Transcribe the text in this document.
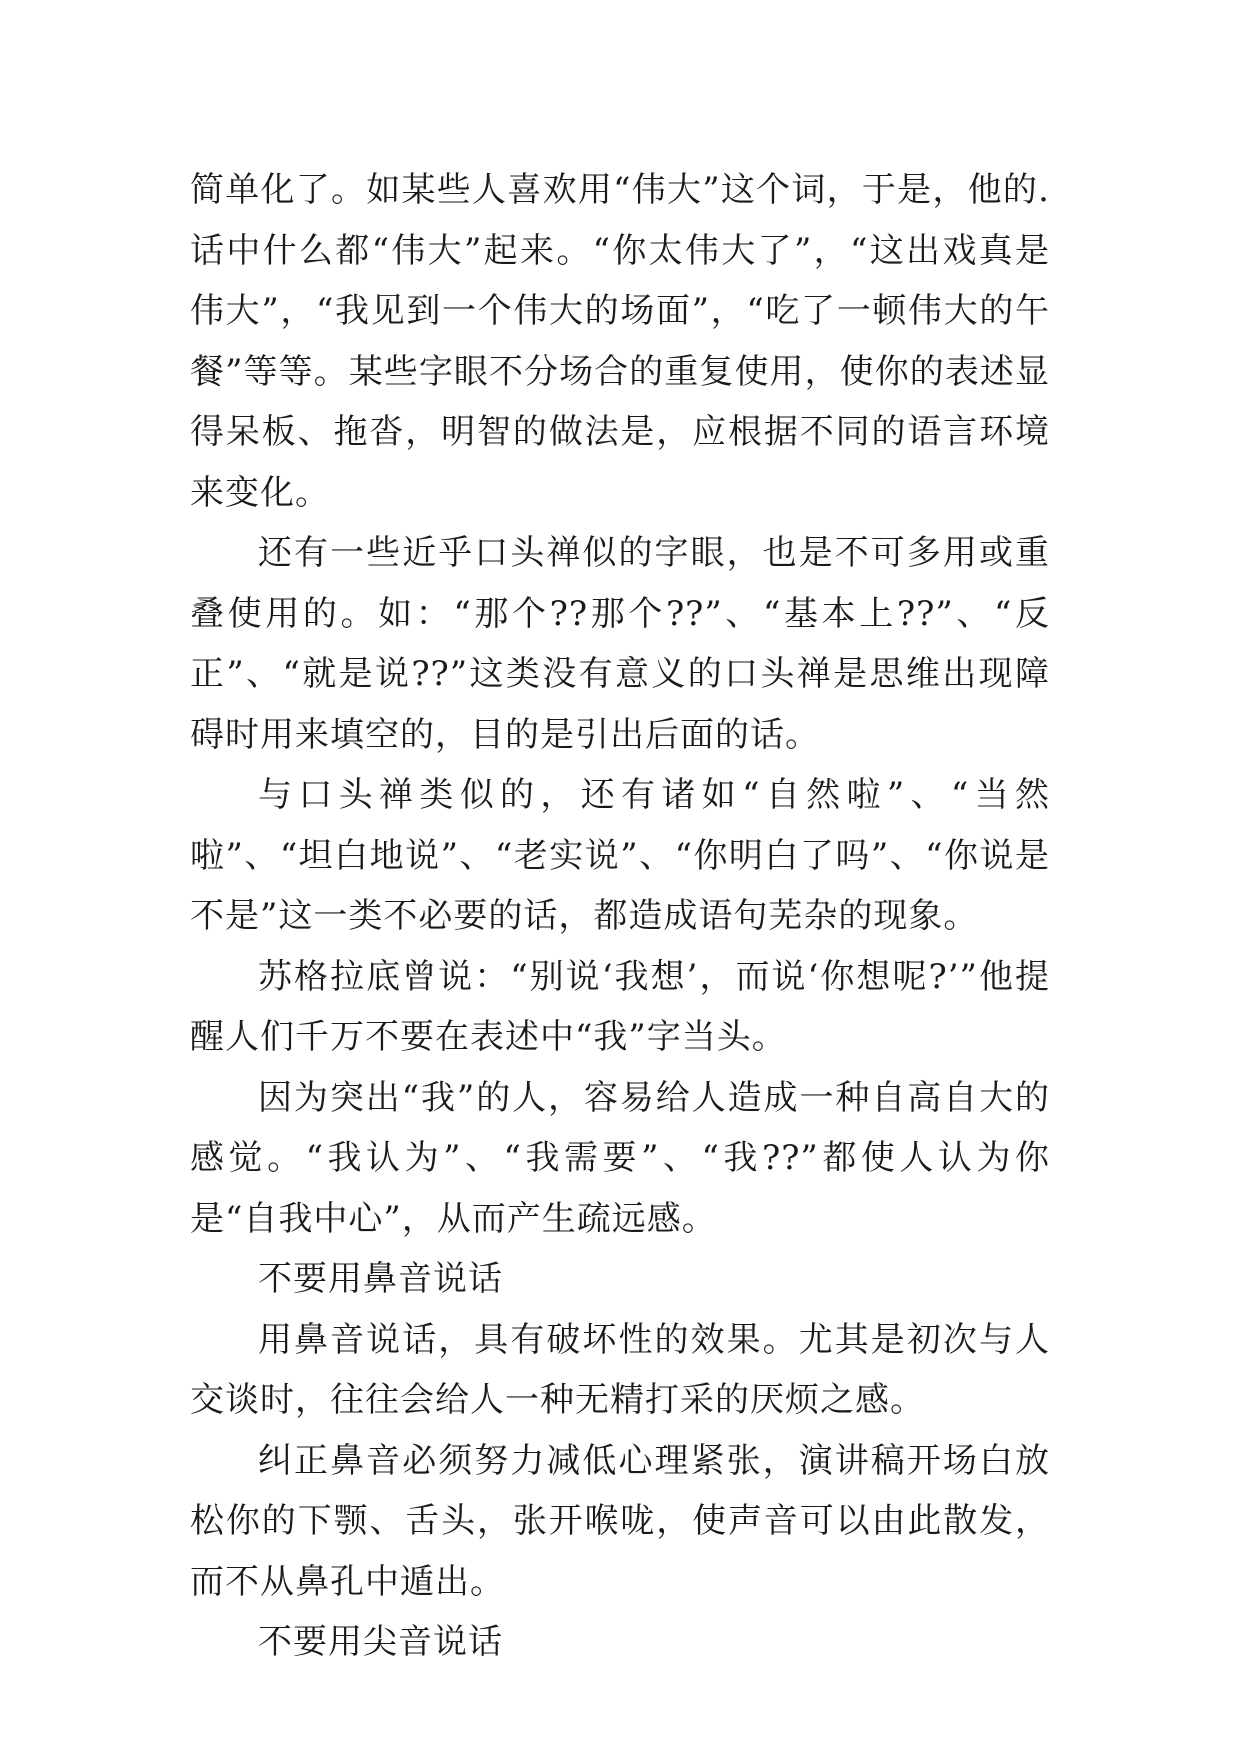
简单化了。如某些人喜欢用“伟大”这个词，于是，他的.话中什么都“伟大”起来。“你太伟大了”，“这出戏真是伟大”，“我见到一个伟大的场面”，“吃了一顿伟大的午餐”等等。某些字眼不分场合的重复使用，使你的表述显得呆板、拖沓，明智的做法是，应根据不同的语言环境来变化。

还有一些近乎口头禅似的字眼，也是不可多用或重叠使用的。如：“那个??那个??”、“基本上??”、“反正”、“就是说??”这类没有意义的口头禅是思维出现障碍时用来填空的，目的是引出后面的话。

与口头禅类似的，还有诸如“自然啦”、“当然啦”、“坦白地说”、“老实说”、“你明白了吗”、“你说是不是”这一类不必要的话，都造成语句芜杂的现象。

苏格拉底曾说：“别说‘我想’，而说‘你想呢?’”他提醒人们千万不要在表述中“我”字当头。

因为突出“我”的人，容易给人造成一种自高自大的感觉。“我认为”、“我需要”、“我??”都使人认为你是“自我中心”，从而产生疏远感。

不要用鼻音说话

用鼻音说话，具有破坏性的效果。尤其是初次与人交谈时，往往会给人一种无精打采的厌烦之感。

纠正鼻音必须努力减低心理紧张，演讲稿开场白放松你的下颚、舌头，张开喉咙，使声音可以由此散发，而不从鼻孔中遁出。

不要用尖音说话
